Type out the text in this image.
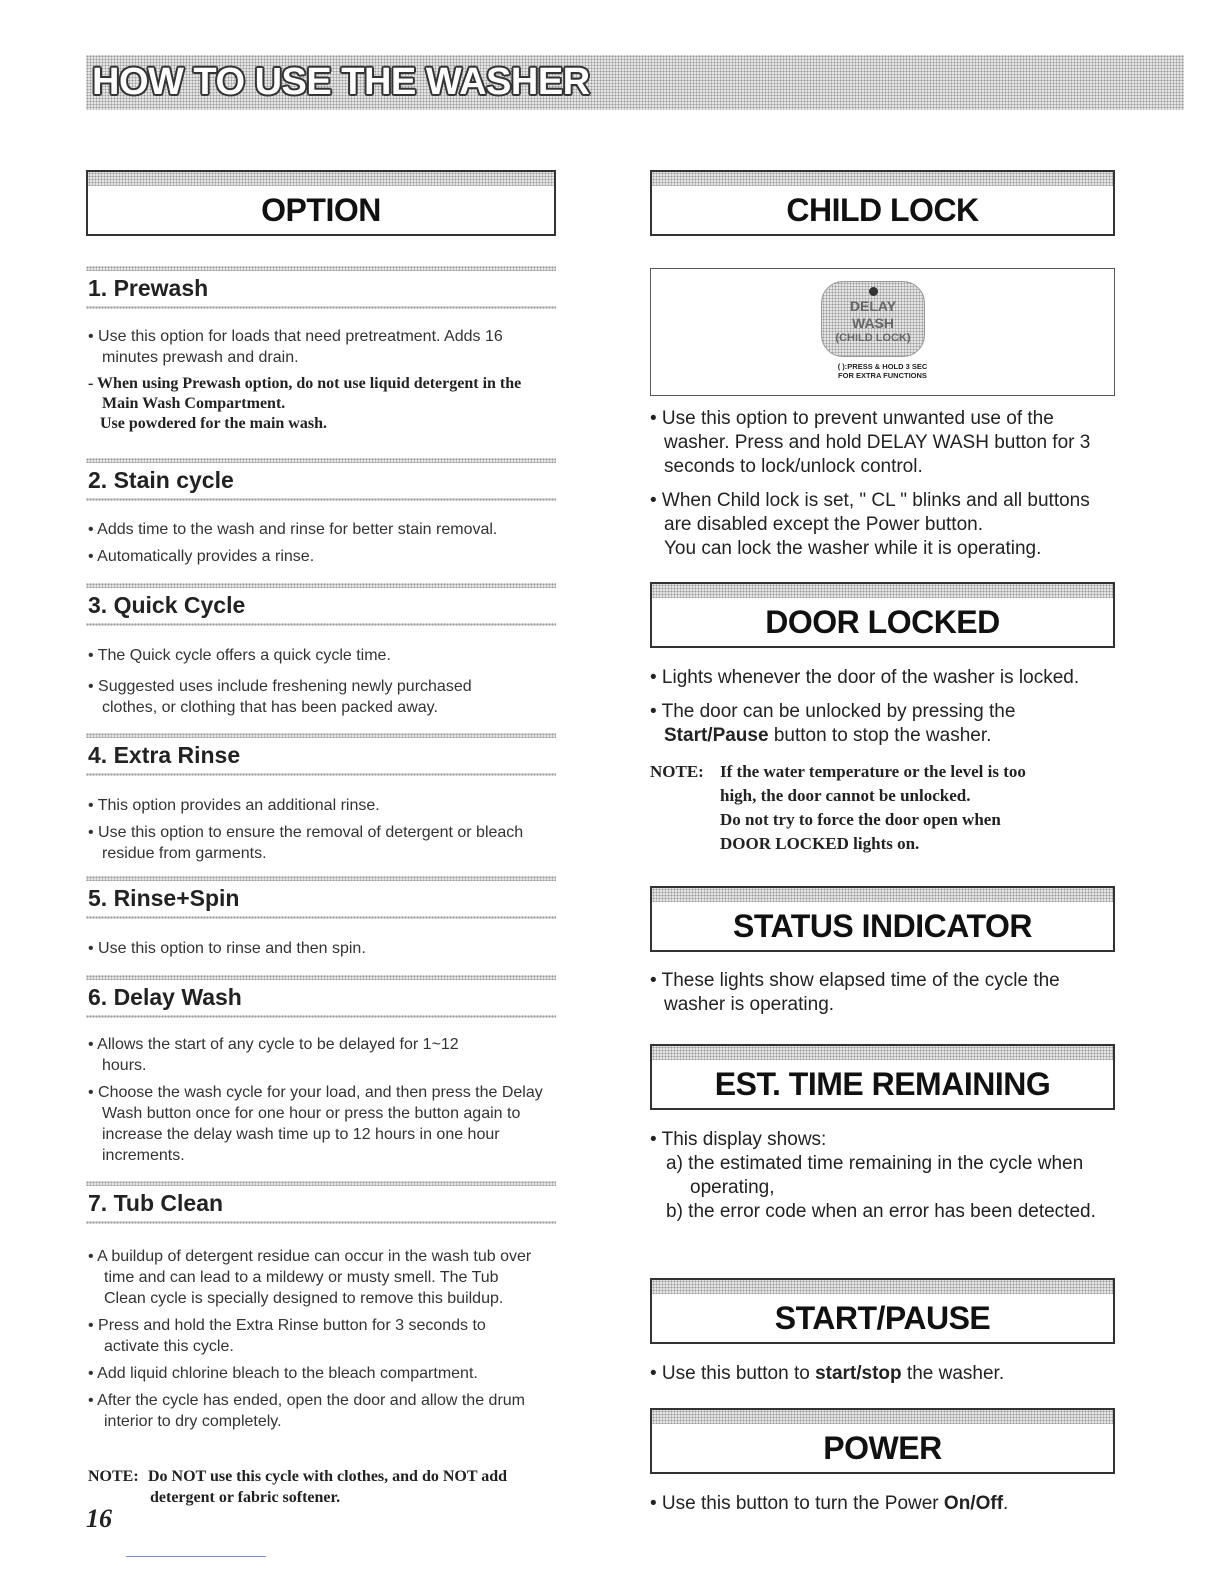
HOW TO USE THE WASHER
OPTION
1. Prewash

• Use this option for loads that need pretreatment. Adds 16 minutes prewash and drain.

- When using Prewash option, do not use liquid detergent in the Main Wash Compartment.

Use powdered for the main wash.

2. Stain cycle

• Adds time to the wash and rinse for better stain removal.

• Automatically provides a rinse.

3. Quick Cycle

• The Quick cycle offers a quick cycle time.

• Suggested uses include freshening newly purchased clothes, or clothing that has been packed away.

4. Extra Rinse

• This option provides an additional rinse.

• Use this option to ensure the removal of detergent or bleach residue from garments.

5. Rinse+Spin

• Use this option to rinse and then spin.

6. Delay Wash

• Allows the start of any cycle to be delayed for 1~12 hours.

• Choose the wash cycle for your load, and then press the Delay Wash button once for one hour or press the button again to increase the delay wash time up to 12 hours in one hour increments.

7. Tub Clean

• A buildup of detergent residue can occur in the wash tub over time and can lead to a mildewy or musty smell. The Tub Clean cycle is specially designed to remove this buildup.

• Press and hold the Extra Rinse button for 3 seconds to activate this cycle.

• Add liquid chlorine bleach to the bleach compartment.

• After the cycle has ended, open the door and allow the drum interior to dry completely.

NOTE: Do NOT use this cycle with clothes, and do NOT add detergent or fabric softener.
16
CHILD LOCK
DELAY
WASH
(CHILD LOCK)
( ):PRESS & HOLD 3 SEC
FOR EXTRA FUNCTIONS

• Use this option to prevent unwanted use of the washer. Press and hold DELAY WASH button for 3 seconds to lock/unlock control.

• When Child lock is set, " CL " blinks and all buttons are disabled except the Power button.

You can lock the washer while it is operating.

DOOR LOCKED

• Lights whenever the door of the washer is locked.

• The door can be unlocked by pressing the

Start/Pause button to stop the washer.

NOTE: If the water temperature or the level is too
high, the door cannot be unlocked.
Do not try to force the door open when
DOOR LOCKED lights on.
STATUS INDICATOR

• These lights show elapsed time of the cycle the washer is operating.

EST. TIME REMAINING

• This display shows:

a) the estimated time remaining in the cycle when operating,

b) the error code when an error has been detected.

START/PAUSE

• Use this button to start/stop the washer.

POWER

• Use this button to turn the Power On/Off.
